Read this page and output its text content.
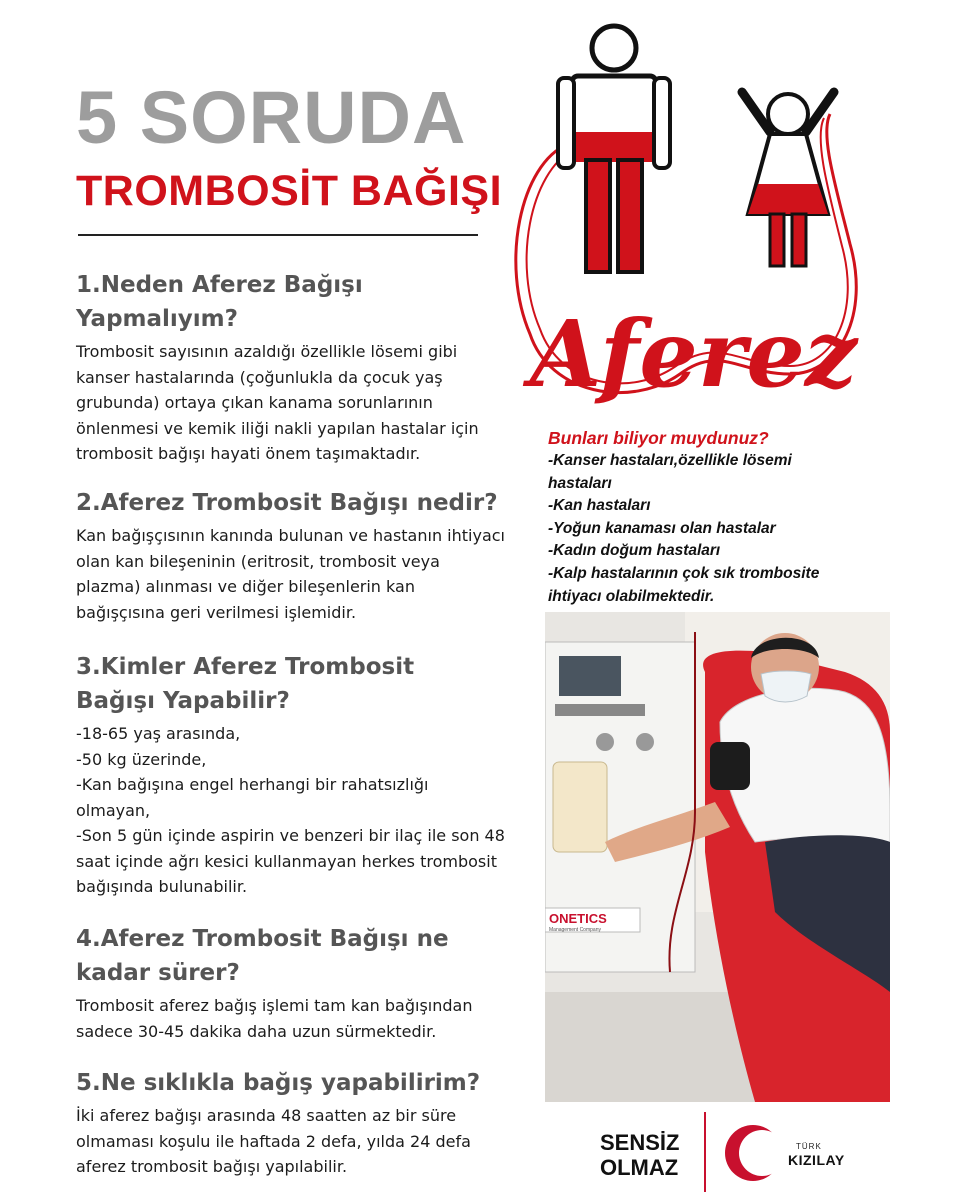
5 SORUDA
TROMBOSİT BAĞIŞI
Aferez
1.Neden Aferez Bağışı
Yapmalıyım?
Trombosit sayısının azaldığı özellikle lösemi gibi
kanser hastalarında (çoğunlukla da çocuk yaş
grubunda) ortaya çıkan kanama sorunlarının
önlenmesi ve kemik iliği nakli yapılan hastalar için
trombosit bağışı hayati önem taşımaktadır.
2.Aferez Trombosit Bağışı nedir?
Kan bağışçısının kanında bulunan ve hastanın ihtiyacı
olan kan bileşeninin (eritrosit, trombosit veya
plazma) alınması ve diğer bileşenlerin kan
bağışçısına geri verilmesi işlemidir.
3.Kimler Aferez Trombosit
Bağışı Yapabilir?
-18-65 yaş arasında,
-50 kg üzerinde,
-Kan bağışına engel herhangi bir rahatsızlığı
olmayan,
-Son 5 gün içinde aspirin ve benzeri bir ilaç ile son 48
saat içinde ağrı kesici kullanmayan herkes trombosit
bağışında bulunabilir.
4.Aferez Trombosit Bağışı ne
kadar sürer?
Trombosit aferez bağış işlemi tam kan bağışından
sadece 30-45 dakika daha uzun sürmektedir.
5.Ne sıklıkla bağış yapabilirim?
İki aferez bağışı arasında 48 saatten az bir süre
olmaması koşulu ile haftada 2 defa, yılda 24 defa
aferez trombosit bağışı yapılabilir.
Bunları biliyor muydunuz?
-Kanser hastaları,özellikle lösemi
hastaları
-Kan hastaları
-Yoğun kanaması olan hastalar
-Kadın doğum hastaları
-Kalp hastalarının çok sık trombosite
ihtiyacı olabilmektedir.
ONETICS
Management Company
SENSİZ
OLMAZ
TÜRK
KIZILAY
